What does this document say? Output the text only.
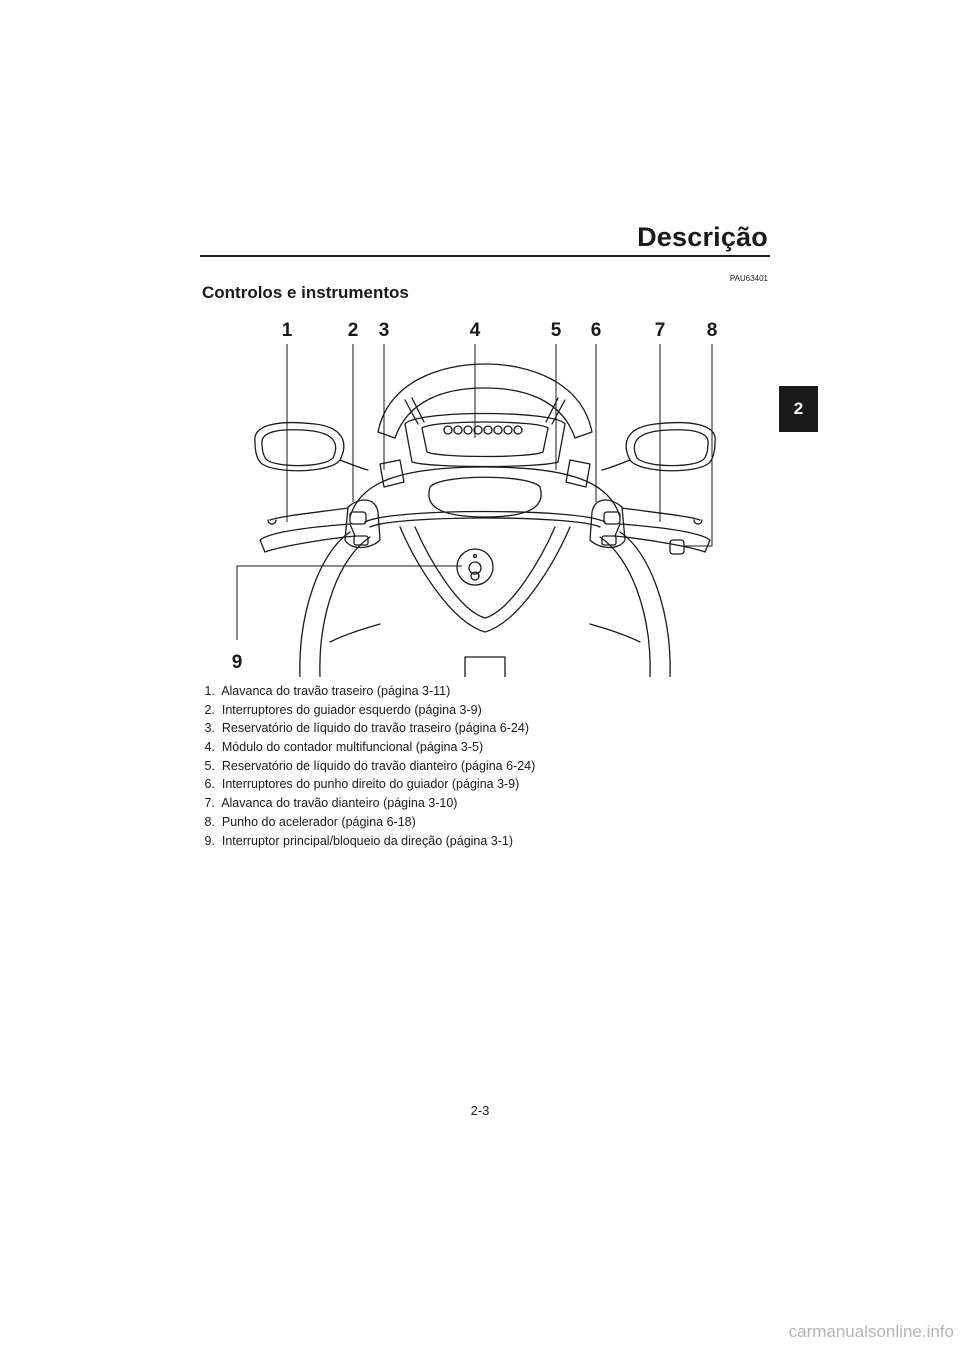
Descrição
2
PAU63401
Controlos e instrumentos
1	2 3	4	5 6	7 8
9
1. Alavanca do travão traseiro (página 3-11)
2. Interruptores do guiador esquerdo (página 3-9)
3. Reservatório de líquido do travão traseiro (página 6-24)
4. Módulo do contador multifuncional (página 3-5)
5. Reservatório de líquido do travão dianteiro (página 6-24)
6. Interruptores do punho direito do guiador (página 3-9)
7. Alavanca do travão dianteiro (página 3-10)
8. Punho do acelerador (página 6-18)
9. Interruptor principal/bloqueio da direção (página 3-1)
2-3
carmanualsonline.info
